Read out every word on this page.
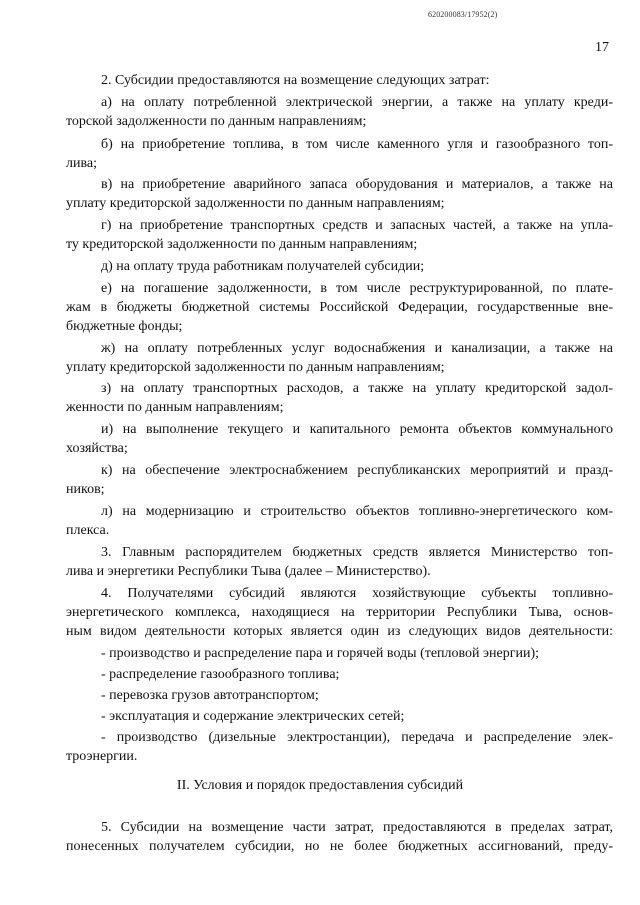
620200083/17952(2)
17
2. Субсидии предоставляются на возмещение следующих затрат:
а) на оплату потребленной электрической энергии, а также на уплату креди-
торской задолженности по данным направлениям;
б) на приобретение топлива, в том числе каменного угля и газообразного топ-
лива;
в) на приобретение аварийного запаса оборудования и материалов, а также на
уплату кредиторской задолженности по данным направлениям;
г) на приобретение транспортных средств и запасных частей, а также на упла-
ту кредиторской задолженности по данным направлениям;
д) на оплату труда работникам получателей субсидии;
е) на погашение задолженности, в том числе реструктурированной, по плате-
жам в бюджеты бюджетной системы Российской Федерации, государственные вне-
бюджетные фонды;
ж) на оплату потребленных услуг водоснабжения и канализации, а также на
уплату кредиторской задолженности по данным направлениям;
з) на оплату транспортных расходов, а также на уплату кредиторской задол-
женности по данным направлениям;
и) на выполнение текущего и капитального ремонта объектов коммунального
хозяйства;
к) на обеспечение электроснабжением республиканских мероприятий и празд-
ников;
л) на модернизацию и строительство объектов топливно-энергетического ком-
плекса.
3. Главным распорядителем бюджетных средств является Министерство топ-
лива и энергетики Республики Тыва (далее – Министерство).
4. Получателями субсидий являются хозяйствующие субъекты топливно-
энергетического комплекса, находящиеся на территории Республики Тыва, основ-
ным видом деятельности которых является один из следующих видов деятельности:
- производство и распределение пара и горячей воды (тепловой энергии);
- распределение газообразного топлива;
- перевозка грузов автотранспортом;
- эксплуатация и содержание электрических сетей;
- производство (дизельные электростанции), передача и распределение элек-
троэнергии.
II. Условия и порядок предоставления субсидий
5. Субсидии на возмещение части затрат, предоставляются в пределах затрат,
понесенных получателем субсидии, но не более бюджетных ассигнований, преду-
